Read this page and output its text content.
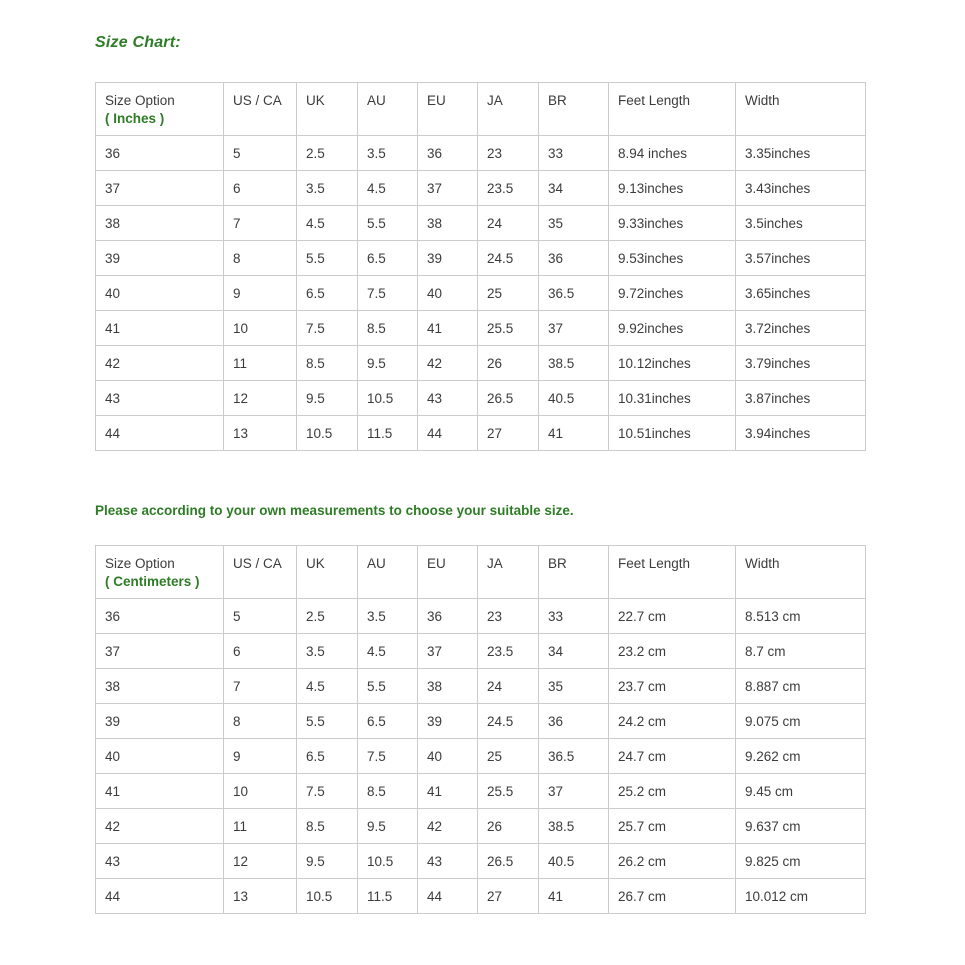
Size Chart:
Size Option
( Inches )	US / CA	UK	AU	EU	JA	BR	Feet Length	Width
36	5	2.5	3.5	36	23	33	8.94 inches	3.35inches
37	6	3.5	4.5	37	23.5	34	9.13inches	3.43inches
38	7	4.5	5.5	38	24	35	9.33inches	3.5inches
39	8	5.5	6.5	39	24.5	36	9.53inches	3.57inches
40	9	6.5	7.5	40	25	36.5	9.72inches	3.65inches
41	10	7.5	8.5	41	25.5	37	9.92inches	3.72inches
42	11	8.5	9.5	42	26	38.5	10.12inches	3.79inches
43	12	9.5	10.5	43	26.5	40.5	10.31inches	3.87inches
44	13	10.5	11.5	44	27	41	10.51inches	3.94inches

Please according to your own measurements to choose your suitable size.

Size Option
( Centimeters )	US / CA	UK	AU	EU	JA	BR	Feet Length	Width
36	5	2.5	3.5	36	23	33	22.7 cm	8.513 cm
37	6	3.5	4.5	37	23.5	34	23.2 cm	8.7 cm
38	7	4.5	5.5	38	24	35	23.7 cm	8.887 cm
39	8	5.5	6.5	39	24.5	36	24.2 cm	9.075 cm
40	9	6.5	7.5	40	25	36.5	24.7 cm	9.262 cm
41	10	7.5	8.5	41	25.5	37	25.2 cm	9.45 cm
42	11	8.5	9.5	42	26	38.5	25.7 cm	9.637 cm
43	12	9.5	10.5	43	26.5	40.5	26.2 cm	9.825 cm
44	13	10.5	11.5	44	27	41	26.7 cm	10.012 cm
